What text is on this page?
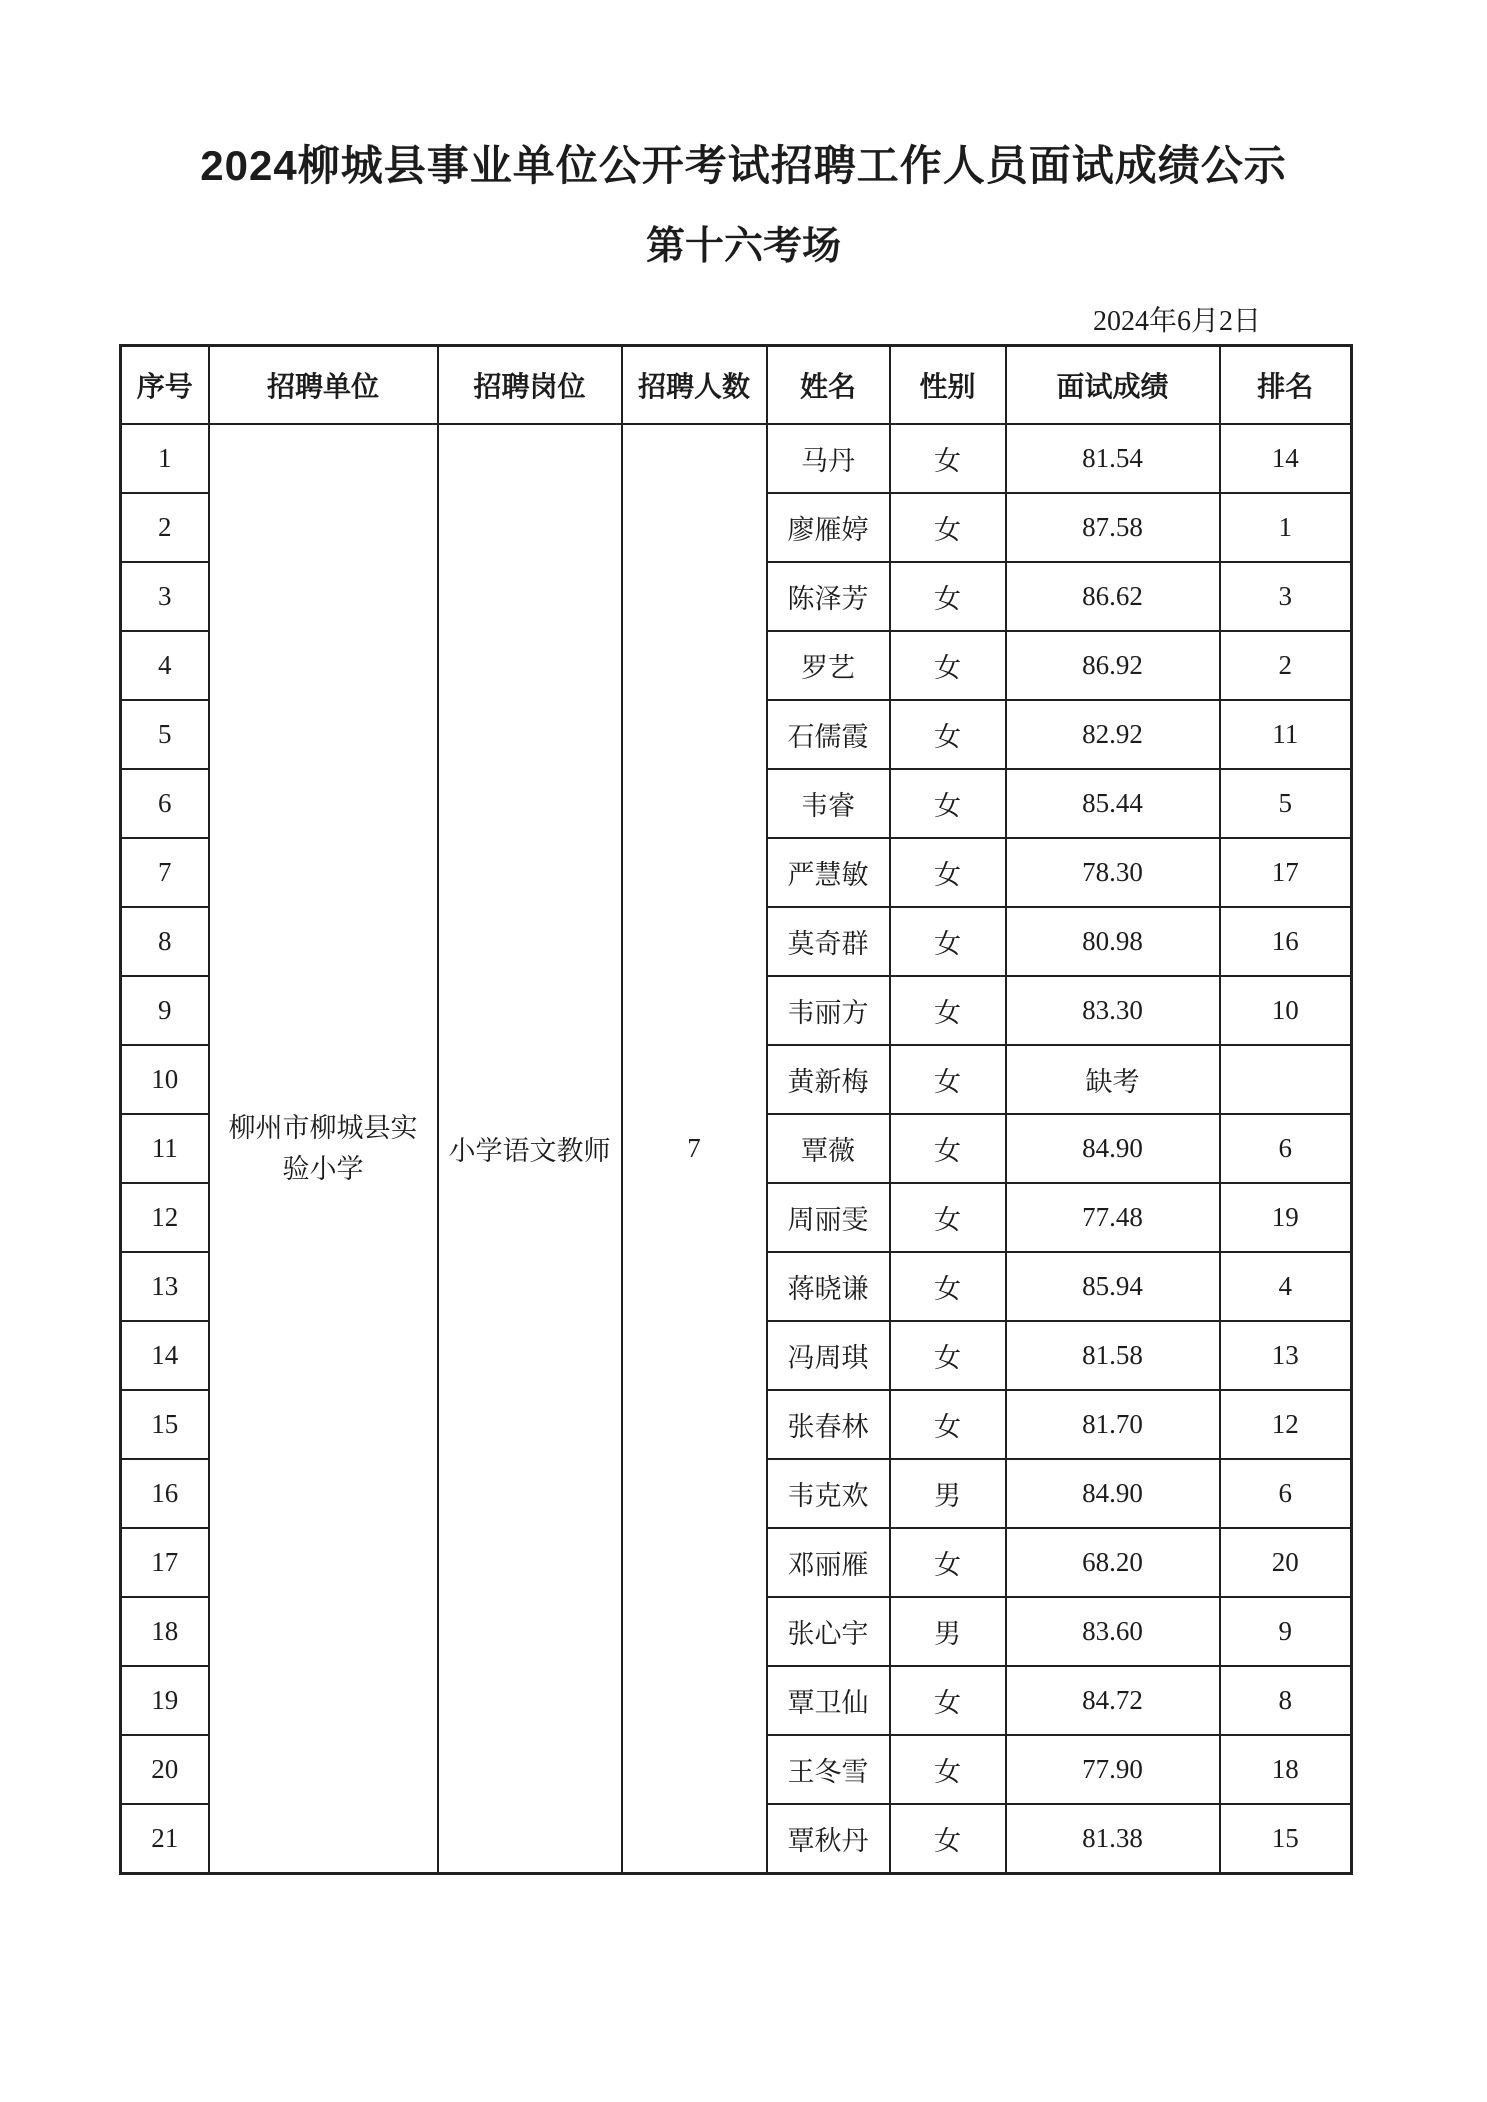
2024柳城县事业单位公开考试招聘工作人员面试成绩公示
第十六考场
2024年6月2日
序号	招聘单位	招聘岗位	招聘人数	姓名	性别	面试成绩	排名
1	柳州市柳城县实验小学	小学语文教师	7	马丹	女	81.54	14
2				廖雁婷	女	87.58	1
3				陈泽芳	女	86.62	3
4				罗艺	女	86.92	2
5				石儒霞	女	82.92	11
6				韦睿	女	85.44	5
7				严慧敏	女	78.30	17
8				莫奇群	女	80.98	16
9				韦丽方	女	83.30	10
10				黄新梅	女	缺考	
11				覃薇	女	84.90	6
12				周丽雯	女	77.48	19
13				蒋晓谦	女	85.94	4
14				冯周琪	女	81.58	13
15				张春林	女	81.70	12
16				韦克欢	男	84.90	6
17				邓丽雁	女	68.20	20
18				张心宇	男	83.60	9
19				覃卫仙	女	84.72	8
20				王冬雪	女	77.90	18
21				覃秋丹	女	81.38	15
